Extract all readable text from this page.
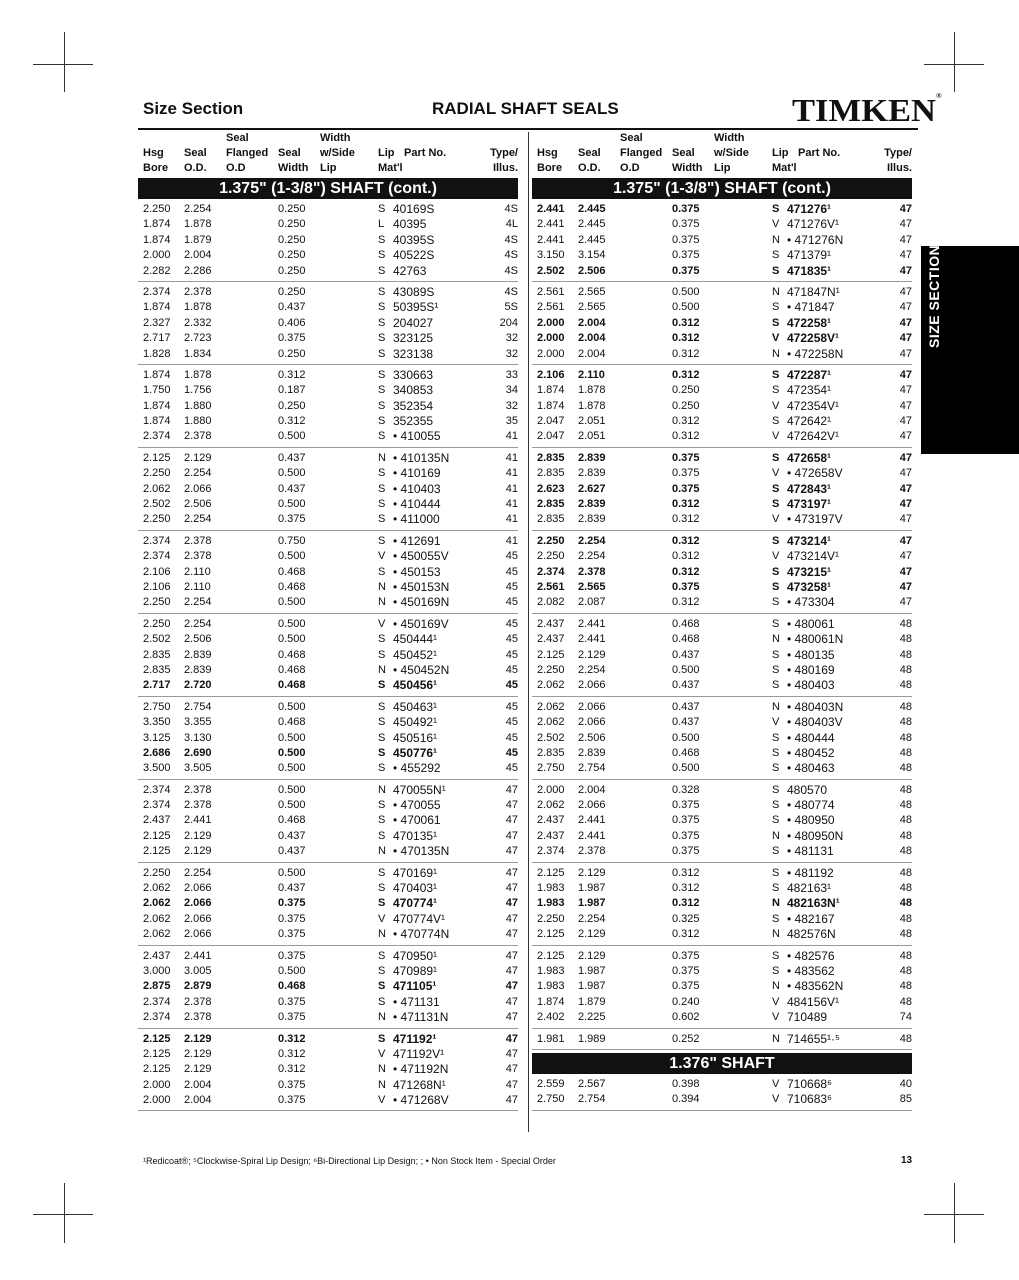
Size Section	RADIAL SHAFT SEALS	TIMKEN®
SIZE SECTION
Seal	Width
Hsg Seal Flanged Seal w/Side Lip Part No.	Type/
Bore O.D. O.D	Width Lip	Mat'l	Illus.
1.375" (1-3/8") SHAFT (cont.)
2.250 2.254	0.250	S 40169S	4S
1.874 1.878	0.250	L 40395	4L
1.874 1.879	0.250	S 40395S	4S
2.000 2.004	0.250	S 40522S	4S
2.282 2.286	0.250	S 42763	4S
2.374 2.378	0.250	S 43089S	4S
1.874 1.878	0.437	S 50395S¹	5S
2.327 2.332	0.406	S 204027	204
2.717 2.723	0.375	S 323125	32
1.828 1.834	0.250	S 323138	32
1.874 1.878	0.312	S 330663	33
1.750 1.756	0.187	S 340853	34
1.874 1.880	0.250	S 352354	32
1.874 1.880	0.312	S 352355	35
2.374 2.378	0.500	S • 410055	41
2.125 2.129	0.437	N • 410135N	41
2.250 2.254	0.500	S • 410169	41
2.062 2.066	0.437	S • 410403	41
2.502 2.506	0.500	S • 410444	41
2.250 2.254	0.375	S • 411000	41
2.374 2.378	0.750	S • 412691	41
2.374 2.378	0.500	V • 450055V	45
2.106 2.110	0.468	S • 450153	45
2.106 2.110	0.468	N • 450153N	45
2.250 2.254	0.500	N • 450169N	45
2.250 2.254	0.500	V • 450169V	45
2.502 2.506	0.500	S 450444¹	45
2.835 2.839	0.468	S 450452¹	45
2.835 2.839	0.468	N • 450452N	45
2.717 2.720	0.468	S 450456¹	45
2.750 2.754	0.500	S 450463¹	45
3.350 3.355	0.468	S 450492¹	45
3.125 3.130	0.500	S 450516¹	45
2.686 2.690	0.500	S 450776¹	45
3.500 3.505	0.500	S • 455292	45
2.374 2.378	0.500	N 470055N¹	47
2.374 2.378	0.500	S • 470055	47
2.437 2.441	0.468	S • 470061	47
2.125 2.129	0.437	S 470135¹	47
2.125 2.129	0.437	N • 470135N	47
2.250 2.254	0.500	S 470169¹	47
2.062 2.066	0.437	S 470403¹	47
2.062 2.066	0.375	S 470774¹	47
2.062 2.066	0.375	V 470774V¹	47
2.062 2.066	0.375	N • 470774N	47
2.437 2.441	0.375	S 470950¹	47
3.000 3.005	0.500	S 470989¹	47
2.875 2.879	0.468	S 471105¹	47
2.374 2.378	0.375	S • 471131	47
2.374 2.378	0.375	N • 471131N	47
2.125 2.129	0.312	S 471192¹	47
2.125 2.129	0.312	V 471192V¹	47
2.125 2.129	0.312	N • 471192N	47
2.000 2.004	0.375	N 471268N¹	47
2.000 2.004	0.375	V • 471268V	47
Seal	Width
Hsg Seal Flanged Seal w/Side Lip Part No.	Type/
Bore O.D. O.D	Width Lip	Mat'l	Illus.
1.375" (1-3/8") SHAFT (cont.)
2.441 2.445	0.375	S 471276¹	47
2.441 2.445	0.375	V 471276V¹	47
2.441 2.445	0.375	N • 471276N	47
3.150 3.154	0.375	S 471379¹	47
2.502 2.506	0.375	S 471835¹	47
2.561 2.565	0.500	N 471847N¹	47
2.561 2.565	0.500	S • 471847	47
2.000 2.004	0.312	S 472258¹	47
2.000 2.004	0.312	V 472258V¹	47
2.000 2.004	0.312	N • 472258N	47
2.106 2.110	0.312	S 472287¹	47
1.874 1.878	0.250	S 472354¹	47
1.874 1.878	0.250	V 472354V¹	47
2.047 2.051	0.312	S 472642¹	47
2.047 2.051	0.312	V 472642V¹	47
2.835 2.839	0.375	S 472658¹	47
2.835 2.839	0.375	V • 472658V	47
2.623 2.627	0.375	S 472843¹	47
2.835 2.839	0.312	S 473197¹	47
2.835 2.839	0.312	V • 473197V	47
2.250 2.254	0.312	S 473214¹	47
2.250 2.254	0.312	V 473214V¹	47
2.374 2.378	0.312	S 473215¹	47
2.561 2.565	0.375	S 473258¹	47
2.082 2.087	0.312	S • 473304	47
2.437 2.441	0.468	S • 480061	48
2.437 2.441	0.468	N • 480061N	48
2.125 2.129	0.437	S • 480135	48
2.250 2.254	0.500	S • 480169	48
2.062 2.066	0.437	S • 480403	48
2.062 2.066	0.437	N • 480403N	48
2.062 2.066	0.437	V • 480403V	48
2.502 2.506	0.500	S • 480444	48
2.835 2.839	0.468	S • 480452	48
2.750 2.754	0.500	S • 480463	48
2.000 2.004	0.328	S 480570	48
2.062 2.066	0.375	S • 480774	48
2.437 2.441	0.375	S • 480950	48
2.437 2.441	0.375	N • 480950N	48
2.374 2.378	0.375	S • 481131	48
2.125 2.129	0.312	S • 481192	48
1.983 1.987	0.312	S 482163¹	48
1.983 1.987	0.312	N 482163N¹	48
2.250 2.254	0.325	S • 482167	48
2.125 2.129	0.312	N 482576N	48
2.125 2.129	0.375	S • 482576	48
1.983 1.987	0.375	S • 483562	48
1.983 1.987	0.375	N • 483562N	48
1.874 1.879	0.240	V 484156V¹	48
2.402 2.225	0.602	V 710489	74
1.981 1.989	0.252	N 714655¹·⁵	48
1.376" SHAFT
2.559 2.567	0.398	V 710668⁶	40
2.750 2.754	0.394	V 710683⁶	85
¹Redicoat®; ⁵Clockwise-Spiral Lip Design; ⁶Bi-Directional Lip Design; ; • Non Stock Item - Special Order	13
